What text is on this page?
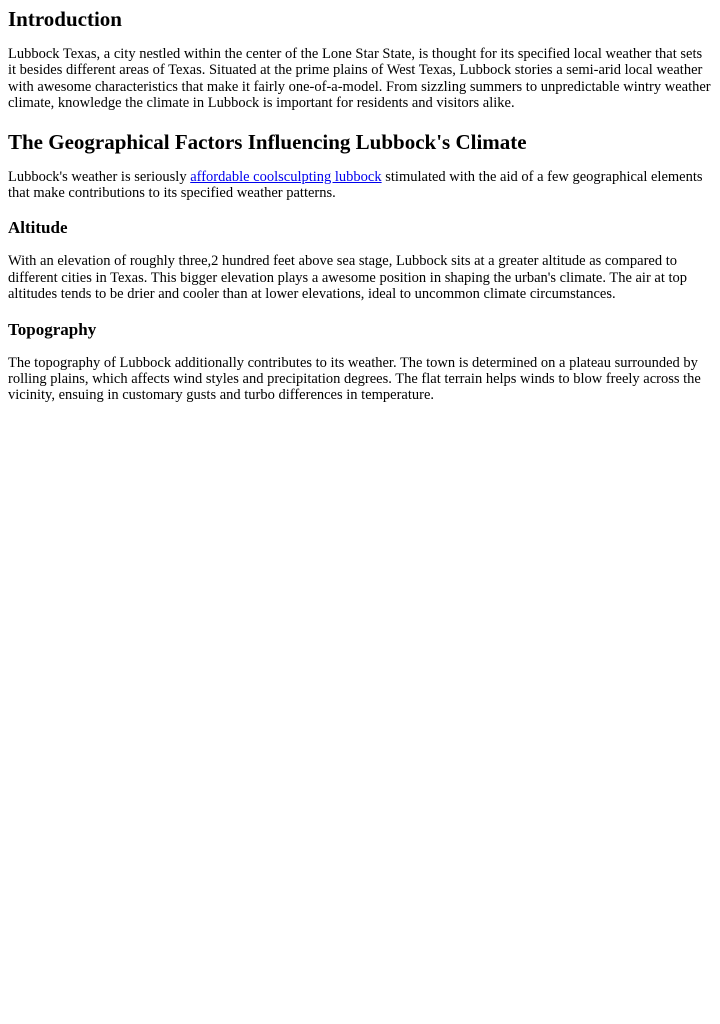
Introduction

Lubbock Texas, a city nestled within the center of the Lone Star State, is thought for its specified local weather that sets it besides different areas of Texas. Situated at the prime plains of West Texas, Lubbock stories a semi-arid local weather with awesome characteristics that make it fairly one-of-a-model. From sizzling summers to unpredictable wintry weather climate, knowledge the climate in Lubbock is important for residents and visitors alike.

The Geographical Factors Influencing Lubbock's Climate

Lubbock's weather is seriously affordable coolsculpting lubbock stimulated with the aid of a few geographical elements that make contributions to its specified weather patterns.

Altitude

With an elevation of roughly three,2 hundred feet above sea stage, Lubbock sits at a greater altitude as compared to different cities in Texas. This bigger elevation plays a awesome position in shaping the urban's climate. The air at top altitudes tends to be drier and cooler than at lower elevations, ideal to uncommon climate circumstances.

Topography

The topography of Lubbock additionally contributes to its weather. The town is determined on a plateau surrounded by rolling plains, which affects wind styles and precipitation degrees. The flat terrain helps winds to blow freely across the vicinity, ensuing in customary gusts and turbo differences in temperature.
